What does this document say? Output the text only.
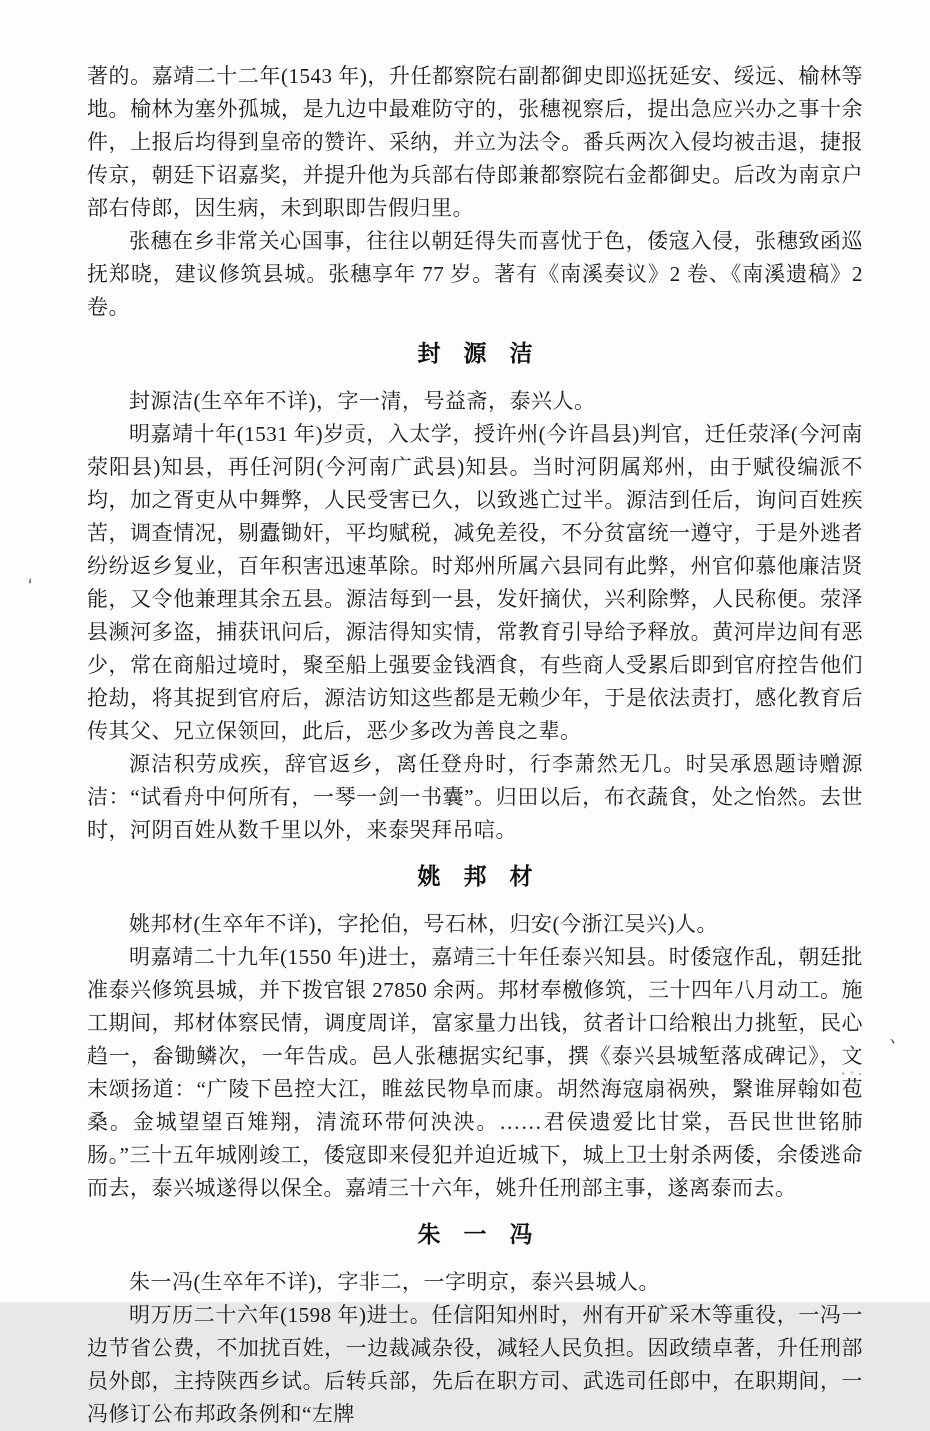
著的。嘉靖二十二年(1543 年)，升任都察院右副都御史即巡抚延安、绥远、榆林等地。榆林为塞外孤城，是九边中最难防守的，张穗视察后，提出急应兴办之事十余件，上报后均得到皇帝的赞许、采纳，并立为法令。番兵两次入侵均被击退，捷报传京，朝廷下诏嘉奖，并提升他为兵部右侍郎兼都察院右金都御史。后改为南京户部右侍郎，因生病，未到职即告假归里。

张穗在乡非常关心国事，往往以朝廷得失而喜忧于色，倭寇入侵，张穗致函巡抚郑晓，建议修筑县城。张穗享年 77 岁。著有《南溪奏议》2 卷、《南溪遗稿》2 卷。

封　源　洁

封源洁(生卒年不详)，字一清，号益斋，泰兴人。

明嘉靖十年(1531 年)岁贡，入太学，授许州(今许昌县)判官，迁任荥泽(今河南荥阳县)知县，再任河阴(今河南广武县)知县。当时河阴属郑州，由于赋役编派不均，加之胥吏从中舞弊，人民受害已久，以致逃亡过半。源洁到任后，询问百姓疾苦，调查情况，剔蠹锄奸，平均赋税，减免差役，不分贫富统一遵守，于是外逃者纷纷返乡复业，百年积害迅速革除。时郑州所属六县同有此弊，州官仰慕他廉洁贤能，又令他兼理其余五县。源洁每到一县，发奸摘伏，兴利除弊，人民称便。荥泽县濒河多盗，捕获讯问后，源洁得知实情，常教育引导给予释放。黄河岸边间有恶少，常在商船过境时，聚至船上强要金钱酒食，有些商人受累后即到官府控告他们抢劫，将其捉到官府后，源洁访知这些都是无赖少年，于是依法责打，感化教育后传其父、兄立保领回，此后，恶少多改为善良之辈。

源洁积劳成疾，辞官返乡，离任登舟时，行李萧然无几。时吴承恩题诗赠源洁：“试看舟中何所有，一琴一剑一书囊”。归田以后，布衣蔬食，处之怡然。去世时，河阴百姓从数千里以外，来泰哭拜吊唁。

姚　邦　材

姚邦材(生卒年不详)，字抡伯，号石林，归安(今浙江吴兴)人。

明嘉靖二十九年(1550 年)进士，嘉靖三十年任泰兴知县。时倭寇作乱，朝廷批准泰兴修筑县城，并下拨官银 27850 余两。邦材奉檄修筑，三十四年八月动工。施工期间，邦材体察民情，调度周详，富家量力出钱，贫者计口给粮出力挑堑，民心趋一，畚锄鳞次，一年告成。邑人张穗据实纪事，撰《泰兴县城堑落成碑记》，文末颂扬道：“广陵下邑控大江，睢兹民物阜而康。胡然海寇扇祸殃，繄谁屏翰如苞桑。金城望望百雉翔，清流环带何泱泱。……君侯遗爱比甘棠，吾民世世铭肺肠。”三十五年城刚竣工，倭寇即来侵犯并迫近城下，城上卫士射杀两倭，余倭逃命而去，泰兴城遂得以保全。嘉靖三十六年，姚升任刑部主事，遂离泰而去。

朱　一　冯

朱一冯(生卒年不详)，字非二，一字明京，泰兴县城人。

明万历二十六年(1598 年)进士。任信阳知州时，州有开矿采木等重役，一冯一边节省公费，不加扰百姓，一边裁减杂役，减轻人民负担。因政绩卓著，升任刑部员外郎，主持陕西乡试。后转兵部，先后在职方司、武选司任郎中，在职期间，一冯修订公布邦政条例和“左牌

⸲
、
